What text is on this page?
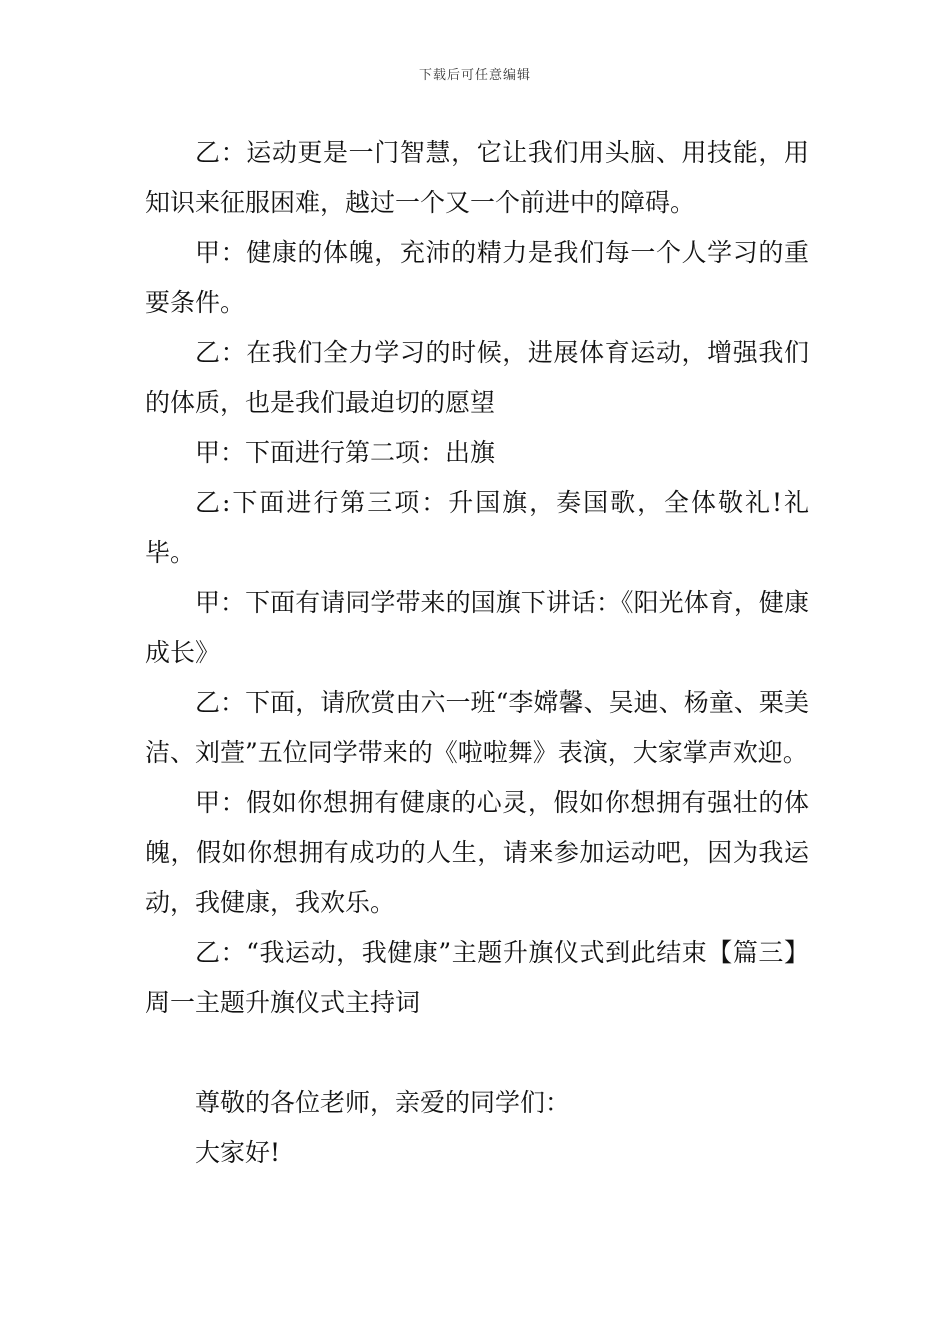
下载后可任意编辑

乙：运动更是一门智慧，它让我们用头脑、用技能，用知识来征服困难，越过一个又一个前进中的障碍。

甲：健康的体魄，充沛的精力是我们每一个人学习的重要条件。

乙：在我们全力学习的时候，进展体育运动，增强我们的体质，也是我们最迫切的愿望

甲：下面进行第二项：出旗

乙:下面进行第三项：升国旗，奏国歌，全体敬礼!礼毕。

甲：下面有请同学带来的国旗下讲话：《阳光体育，健康成长》

乙：下面，请欣赏由六一班“李嫦馨、吴迪、杨童、栗美洁、刘萱”五位同学带来的《啦啦舞》表演，大家掌声欢迎。

甲：假如你想拥有健康的心灵，假如你想拥有强壮的体魄，假如你想拥有成功的人生，请来参加运动吧，因为我运动，我健康，我欢乐。

乙：“我运动，我健康”主题升旗仪式到此结束【篇三】周一主题升旗仪式主持词

尊敬的各位老师，亲爱的同学们：

大家好!
